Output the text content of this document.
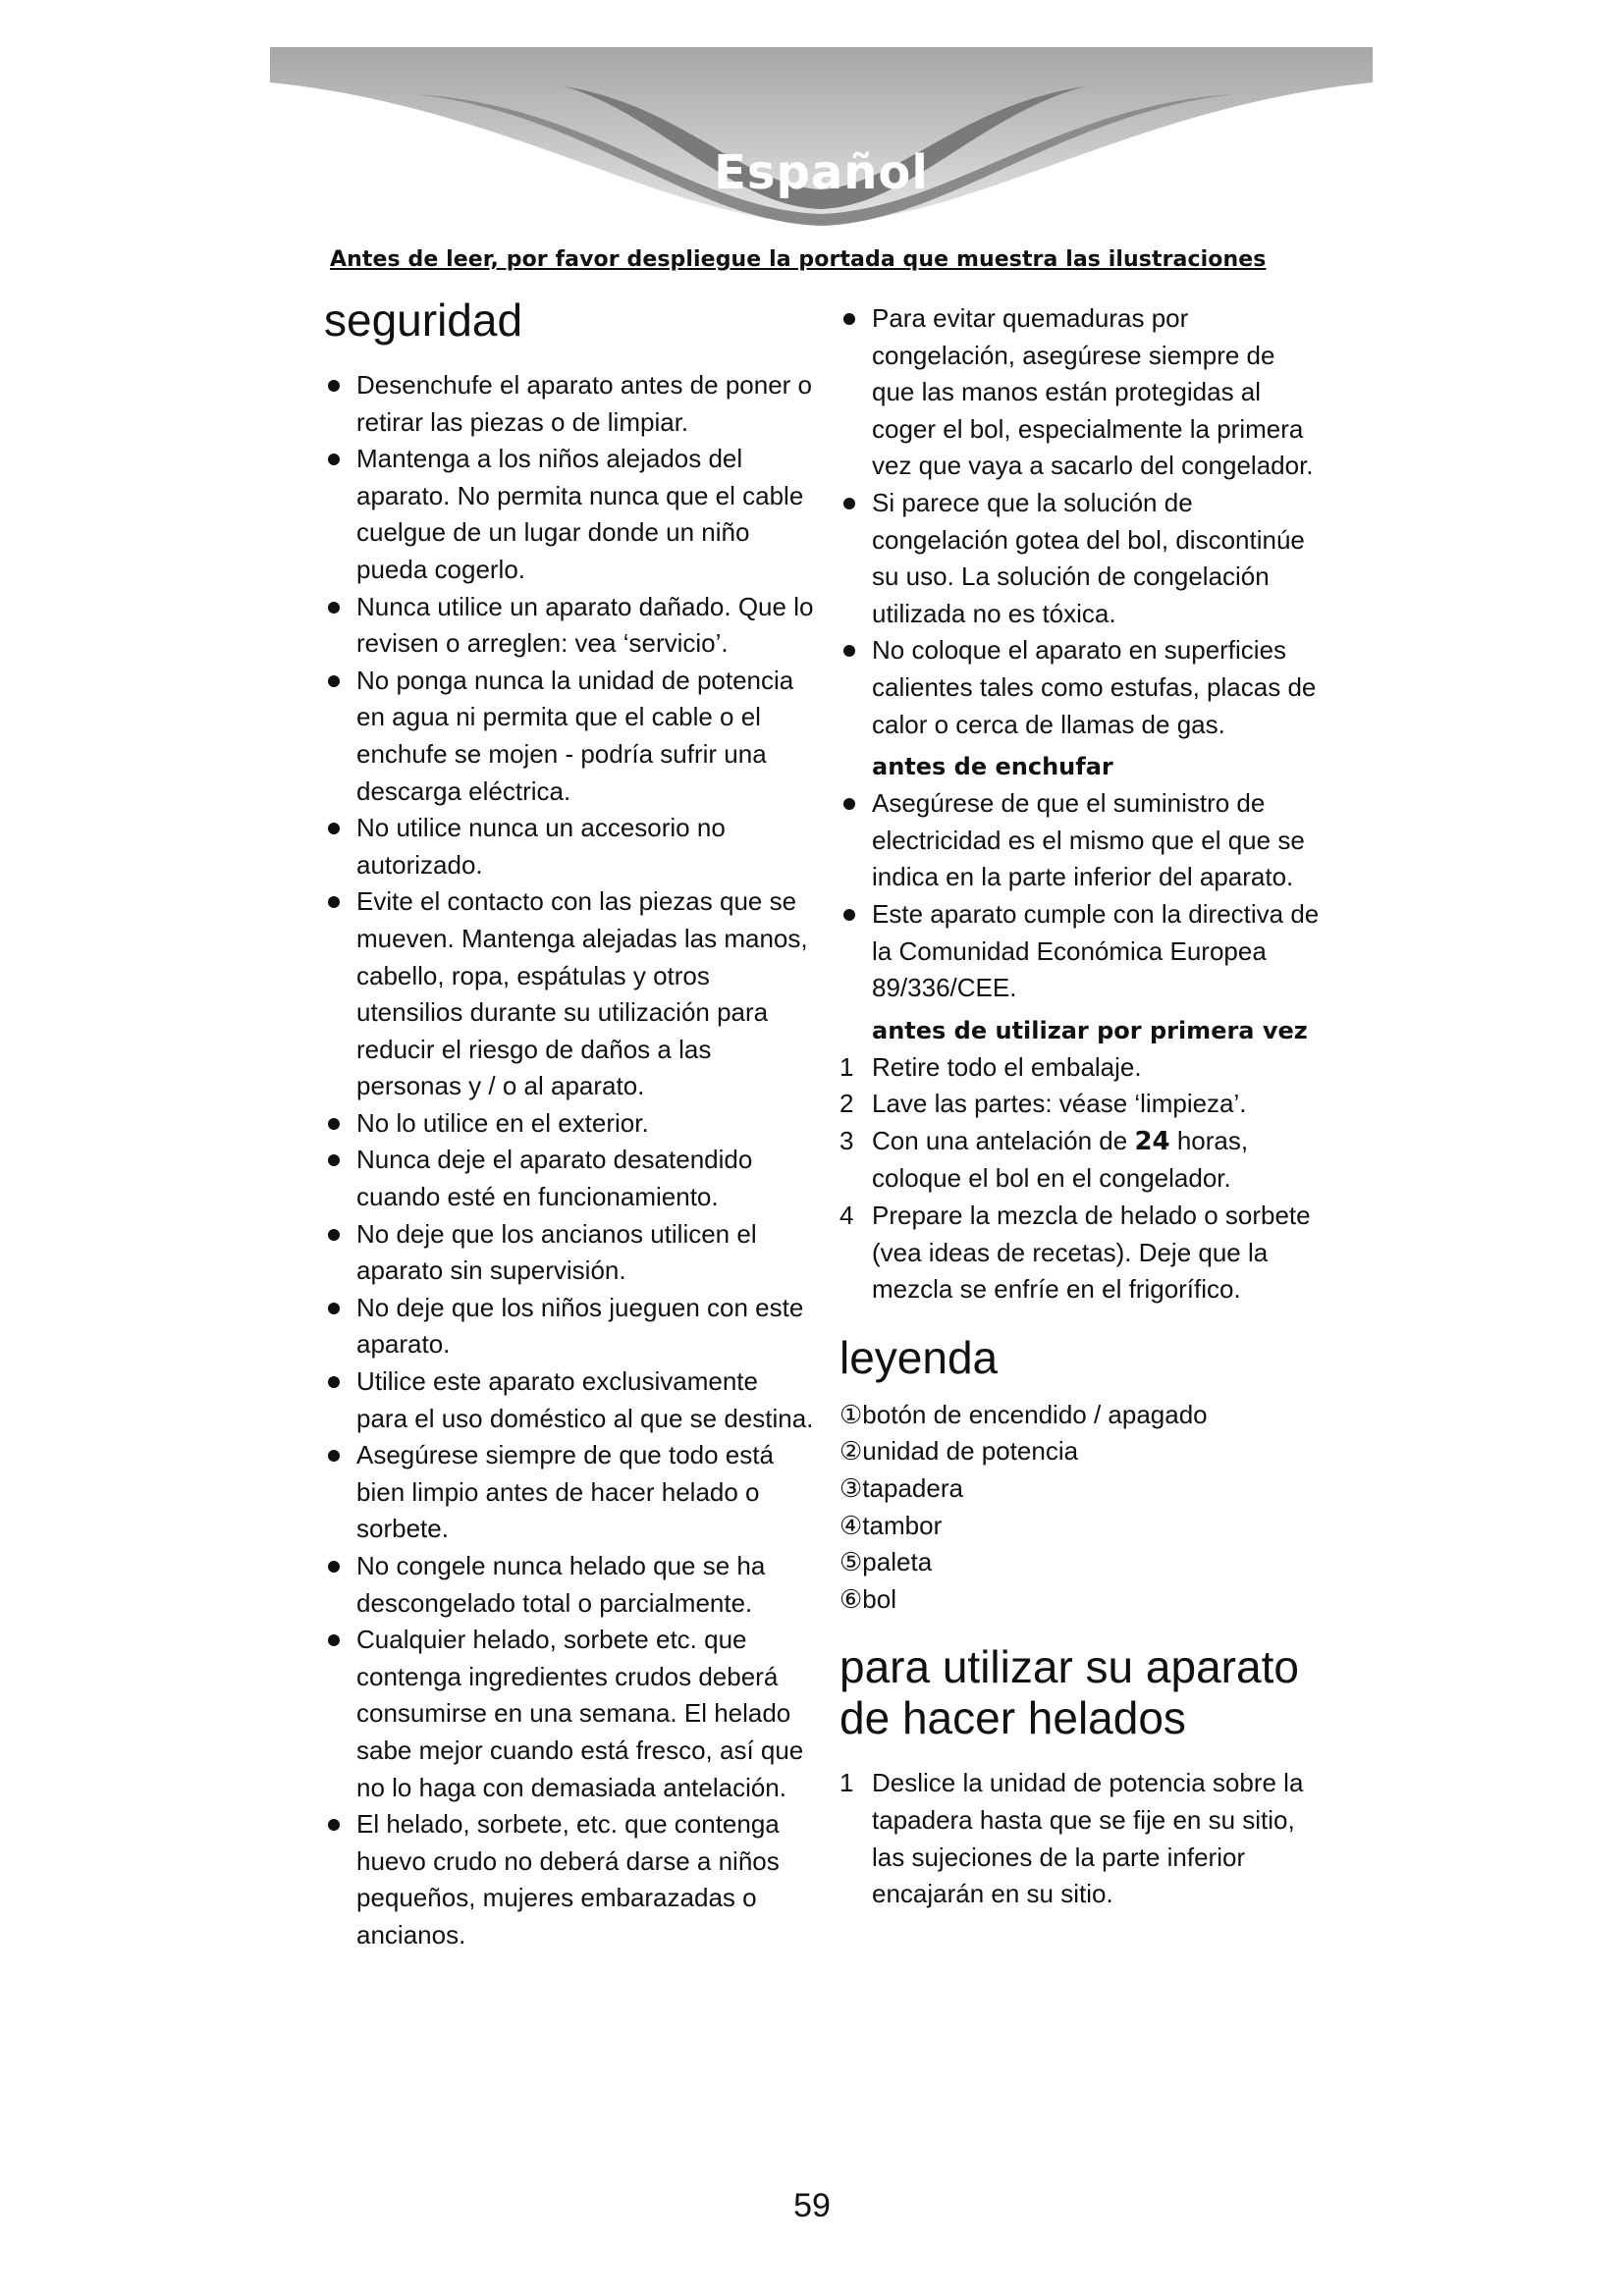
Español
Antes de leer, por favor despliegue la portada que muestra las ilustraciones
seguridad
Desenchufe el aparato antes de poner o retirar las piezas o de limpiar.
Mantenga a los niños alejados del aparato. No permita nunca que el cable cuelgue de un lugar donde un niño pueda cogerlo.
Nunca utilice un aparato dañado. Que lo revisen o arreglen: vea ‘servicio’.
No ponga nunca la unidad de potencia en agua ni permita que el cable o el enchufe se mojen - podría sufrir una descarga eléctrica.
No utilice nunca un accesorio no autorizado.
Evite el contacto con las piezas que se mueven. Mantenga alejadas las manos, cabello, ropa, espátulas y otros utensilios durante su utilización para reducir el riesgo de daños a las personas y / o al aparato.
No lo utilice en el exterior.
Nunca deje el aparato desatendido cuando esté en funcionamiento.
No deje que los ancianos utilicen el aparato sin supervisión.
No deje que los niños jueguen con este aparato.
Utilice este aparato exclusivamente para el uso doméstico al que se destina.
Asegúrese siempre de que todo está bien limpio antes de hacer helado o sorbete.
No congele nunca helado que se ha descongelado total o parcialmente.
Cualquier helado, sorbete etc. que contenga ingredientes crudos deberá consumirse en una semana. El helado sabe mejor cuando está fresco, así que no lo haga con demasiada antelación.
El helado, sorbete, etc. que contenga huevo crudo no deberá darse a niños pequeños, mujeres embarazadas o ancianos.
Para evitar quemaduras por congelación, asegúrese siempre de que las manos están protegidas al coger el bol, especialmente la primera vez que vaya a sacarlo del congelador.
Si parece que la solución de congelación gotea del bol, discontinúe su uso. La solución de congelación utilizada no es tóxica.
No coloque el aparato en superficies calientes tales como estufas, placas de calor o cerca de llamas de gas.
antes de enchufar
Asegúrese de que el suministro de electricidad es el mismo que el que se indica en la parte inferior del aparato.
Este aparato cumple con la directiva de la Comunidad Económica Europea 89/336/CEE.
antes de utilizar por primera vez
1 Retire todo el embalaje.
2 Lave las partes: véase ‘limpieza’.
3 Con una antelación de 24 horas, coloque el bol en el congelador.
4 Prepare la mezcla de helado o sorbete (vea ideas de recetas). Deje que la mezcla se enfríe en el frigorífico.
leyenda
①botón de encendido / apagado
②unidad de potencia
③tapadera
④tambor
⑤paleta
⑥bol
para utilizar su aparato de hacer helados
1 Deslice la unidad de potencia sobre la tapadera hasta que se fije en su sitio, las sujeciones de la parte inferior encajarán en su sitio.
59
